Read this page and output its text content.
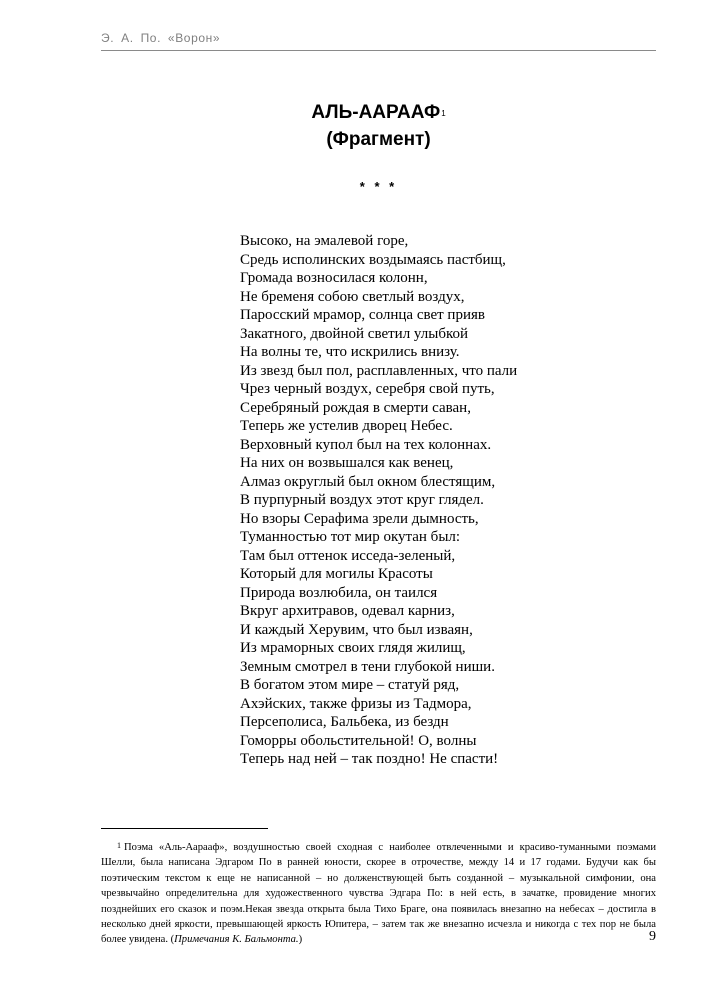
Э. А. По. «Ворон»
АЛЬ-ААРААФ$^1$
(Фрагмент)
* * *
Высоко, на эмалевой горе,
Средь исполинских воздымаясь пастбищ,
Громада возносилася колонн,
Не бременя собою светлый воздух,
Паросский мрамор, солнца свет прияв
Закатного, двойной светил улыбкой
На волны те, что искрились внизу.
Из звезд был пол, расплавленных, что пали
Чрез черный воздух, серебря свой путь,
Серебряный рождая в смерти саван,
Теперь же устелив дворец Небес.
Верховный купол был на тех колоннах.
На них он возвышался как венец,
Алмаз округлый был окном блестящим,
В пурпурный воздух этот круг глядел.
Но взоры Серафима зрели дымность,
Туманностью тот мир окутан был:
Там был оттенок исседа-зеленый,
Который для могилы Красоты
Природа возлюбила, он таился
Вкруг архитравов, одевал карниз,
И каждый Херувим, что был изваян,
Из мраморных своих глядя жилищ,
Земным смотрел в тени глубокой ниши.
В богатом этом мире – статуй ряд,
Ахэйских, также фризы из Тадмора,
Персеполиса, Бальбека, из бездн
Гоморры обольстительной! О, волны
Теперь над ней – так поздно! Не спасти!
$^1$ Поэма «Аль-Аарааф», воздушностью своей сходная с наиболее отвлеченными и красиво-туманными поэмами Шелли, была написана Эдгаром По в ранней юности, скорее в отрочестве, между 14 и 17 годами. Будучи как бы поэтическим текстом к еще не написанной – но долженствующей быть созданной – музыкальной симфонии, она чрезвычайно определительна для художественного чувства Эдгара По: в ней есть, в зачатке, провидение многих позднейших его сказок и поэм.Некая звезда открыта была Тихо Браге, она появилась внезапно на небесах – достигла в несколько дней яркости, превышающей яркость Юпитера, – затем так же внезапно исчезла и никогда с тех пор не была более увидена. (Примечания К. Бальмонта.)	9
